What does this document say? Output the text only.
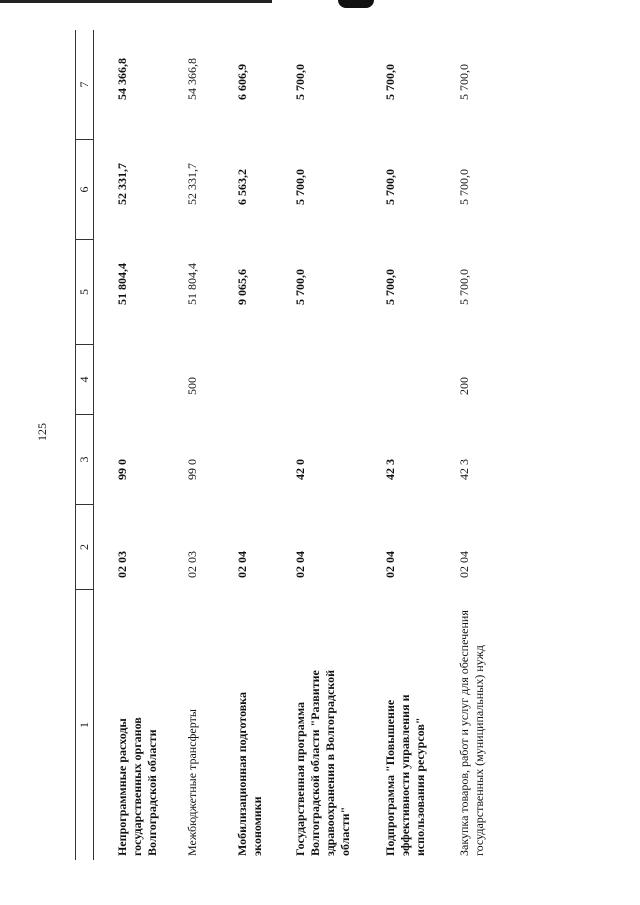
125
1
2
3
4
5
6
7
Непрограммные расходы государственных органов Волгоградской области
02 03
99 0
51 804,4
52 331,7
54 366,8
Межбюджетные трансферты
02 03
99 0
500
51 804,4
52 331,7
54 366,8
Мобилизационная подготовка экономики
02 04
9 065,6
6 563,2
6 606,9
Государственная программа Волгоградской области "Развитие здравоохранения в Волгоградской области"
02 04
42 0
5 700,0
5 700,0
5 700,0
Подпрограмма "Повышение эффективности управления и использования ресурсов"
02 04
42 3
5 700,0
5 700,0
5 700,0
Закупка товаров, работ и услуг для обеспечения государственных (муниципальных) нужд
02 04
42 3
200
5 700,0
5 700,0
5 700,0
